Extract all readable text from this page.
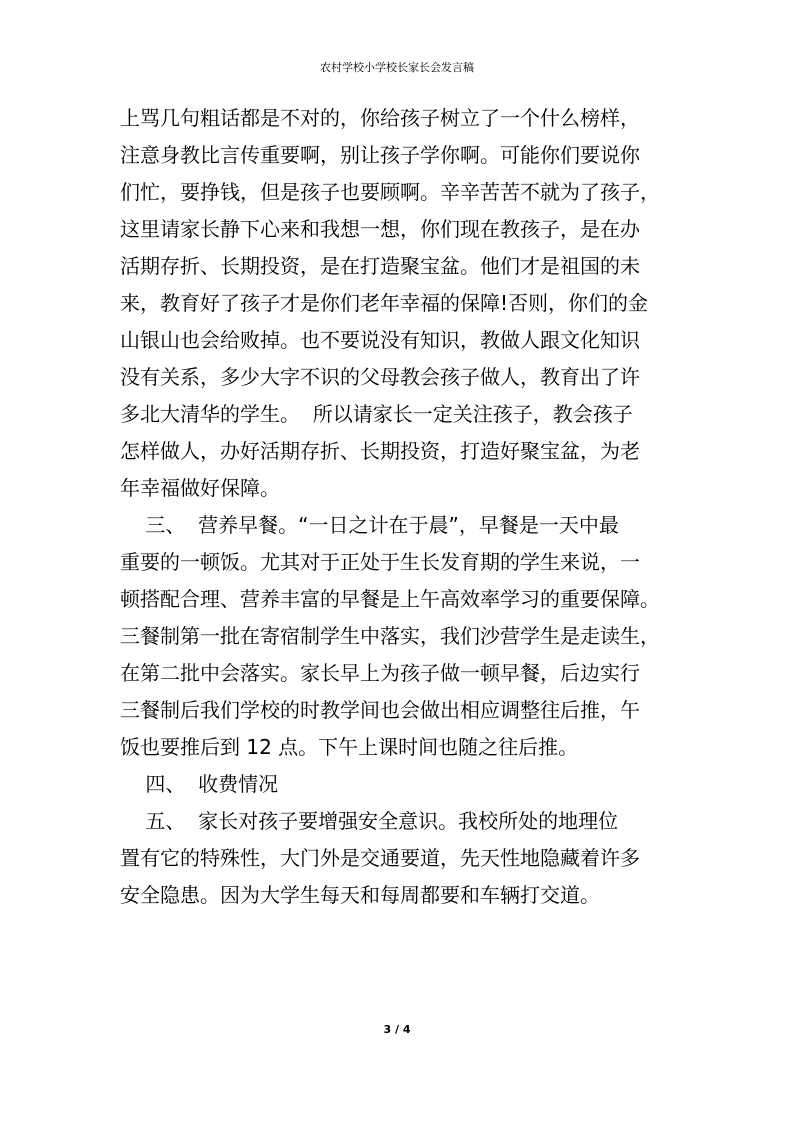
农村学校小学校长家长会发言稿
上骂几句粗话都是不对的，你给孩子树立了一个什么榜样，
注意身教比言传重要啊，别让孩子学你啊。可能你们要说你
们忙，要挣钱，但是孩子也要顾啊。辛辛苦苦不就为了孩子，
这里请家长静下心来和我想一想，你们现在教孩子，是在办
活期存折、长期投资，是在打造聚宝盆。他们才是祖国的未
来，教育好了孩子才是你们老年幸福的保障!否则，你们的金
山银山也会给败掉。也不要说没有知识，教做人跟文化知识
没有关系，多少大字不识的父母教会孩子做人，教育出了许
多北大清华的学生。  所以请家长一定关注孩子，教会孩子
怎样做人，办好活期存折、长期投资，打造好聚宝盆，为老
年幸福做好保障。
三、  营养早餐。“一日之计在于晨”，早餐是一天中最
重要的一顿饭。尤其对于正处于生长发育期的学生来说，一
顿搭配合理、营养丰富的早餐是上午高效率学习的重要保障。
三餐制第一批在寄宿制学生中落实，我们沙营学生是走读生，
在第二批中会落实。家长早上为孩子做一顿早餐，后边实行
三餐制后我们学校的时教学间也会做出相应调整往后推，午
饭也要推后到 12 点。下午上课时间也随之往后推。
四、  收费情况
五、  家长对孩子要增强安全意识。我校所处的地理位
置有它的特殊性，大门外是交通要道，先天性地隐藏着许多
安全隐患。因为大学生每天和每周都要和车辆打交道。
3 / 4
